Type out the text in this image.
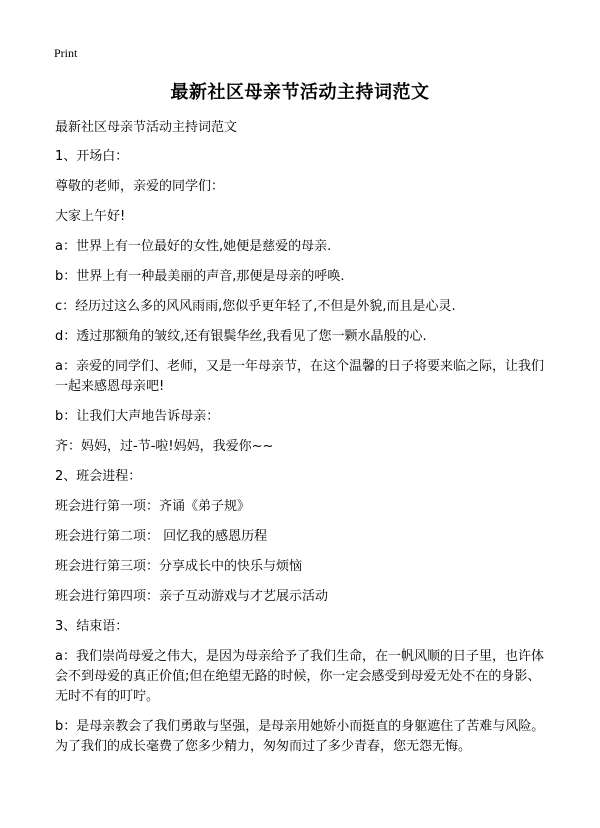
Print
最新社区母亲节活动主持词范文

最新社区母亲节活动主持词范文

1、开场白：

尊敬的老师，亲爱的同学们：

大家上午好!

a：世界上有一位最好的女性,她便是慈爱的母亲.

b：世界上有一种最美丽的声音,那便是母亲的呼唤.

c：经历过这么多的风风雨雨,您似乎更年轻了,不但是外貌,而且是心灵.

d：透过那额角的皱纹,还有银鬓华丝,我看见了您一颗水晶般的心.

a：亲爱的同学们、老师，又是一年母亲节，在这个温馨的日子将要来临之际，让我们一起来感恩母亲吧!

b：让我们大声地告诉母亲：

齐：妈妈，过-节-啦!妈妈，我爱你~~

2、班会进程：

班会进行第一项：齐诵《弟子规》

班会进行第二项： 回忆我的感恩历程

班会进行第三项：分享成长中的快乐与烦恼

班会进行第四项：亲子互动游戏与才艺展示活动

3、结束语：

a：我们崇尚母爱之伟大，是因为母亲给予了我们生命，在一帆风顺的日子里，也许体会不到母爱的真正价值;但在绝望无路的时候，你一定会感受到母爱无处不在的身影、无时不有的叮咛。

b：是母亲教会了我们勇敢与坚强，是母亲用她娇小而挺直的身躯遮住了苦难与风险。为了我们的成长毫费了您多少精力，匆匆而过了多少青春，您无怨无悔。
